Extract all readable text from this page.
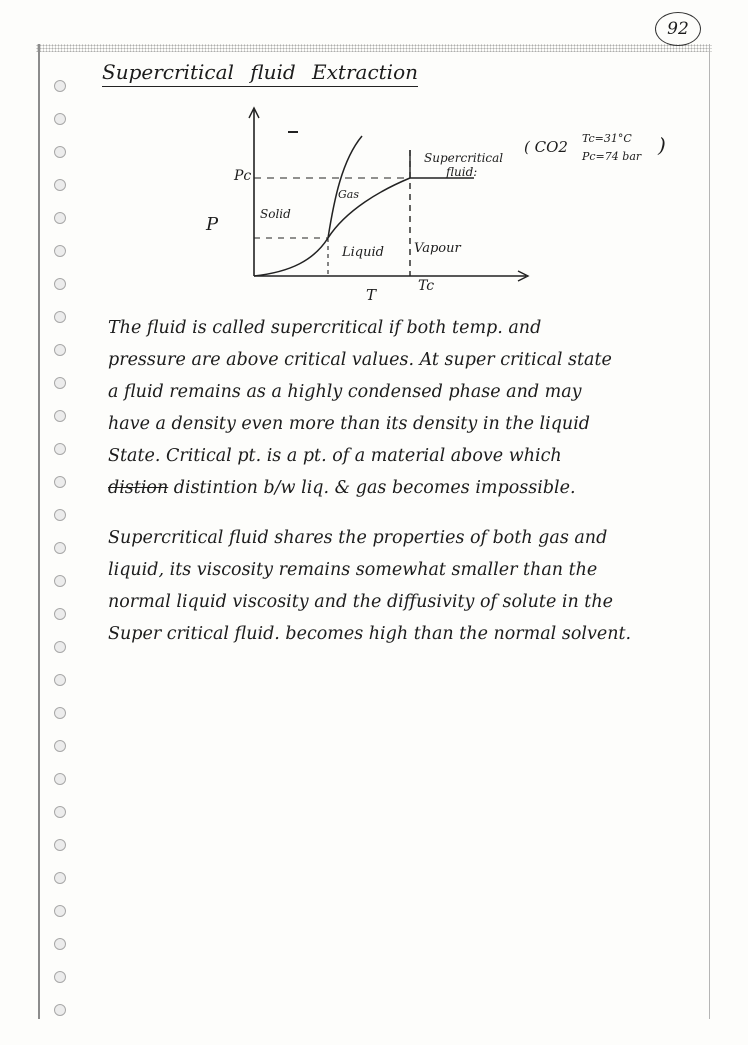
92
Supercritical fluid Extraction
P
T
Pc
Tc
Solid
Gas
Liquid Vapour
Supercritical
fluid:
( CO2 Tc=31°C
Pc=74 bar )
The fluid is called supercritical if both temp. and
pressure are above critical values. At super critical state
a fluid remains as a highly condensed phase and may
have a density even more than its density in the liquid
State. Critical pt. is a pt. of a material above which
distion distintion b/w liq. & gas becomes impossible.
Supercritical fluid shares the properties of both gas and
liquid, its viscosity remains somewhat smaller than the
normal liquid viscosity and the diffusivity of solute in the
Super critical fluid. becomes high than the normal solvent.
